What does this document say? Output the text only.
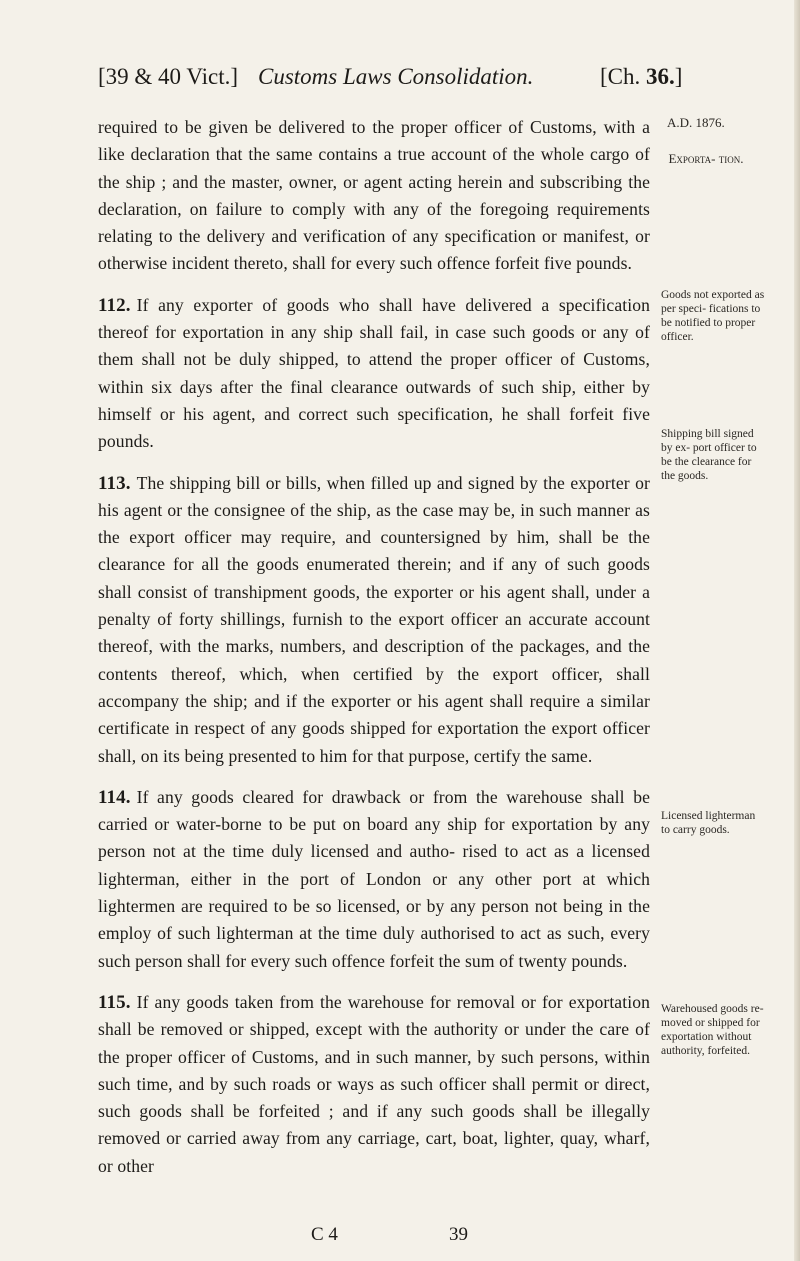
[39 & 40 Vict.] Customs Laws Consolidation.	[Ch. 36.]
A.D. 1876.
Exporta- tion.

required to be given be delivered to the proper officer of Customs, with a like declaration that the same contains a true account of the whole cargo of the ship ; and the master, owner, or agent acting herein and subscribing the declaration, on failure to comply with any of the foregoing requirements relating to the delivery and verification of any specification or manifest, or otherwise incident thereto, shall for every such offence forfeit five pounds.

112. If any exporter of goods who shall have delivered a specification thereof for exportation in any ship shall fail, in case such goods or any of them shall not be duly shipped, to attend the proper officer of Customs, within six days after the final clearance outwards of such ship, either by himself or his agent, and correct such specification, he shall forfeit five pounds.

113. The shipping bill or bills, when filled up and signed by the exporter or his agent or the consignee of the ship, as the case may be, in such manner as the export officer may require, and countersigned by him, shall be the clearance for all the goods enumerated therein; and if any of such goods shall consist of transhipment goods, the exporter or his agent shall, under a penalty of forty shillings, furnish to the export officer an accurate account thereof, with the marks, numbers, and description of the packages, and the contents thereof, which, when certified by the export officer, shall accompany the ship; and if the exporter or his agent shall require a similar certificate in respect of any goods shipped for exportation the export officer shall, on its being presented to him for that purpose, certify the same.

114. If any goods cleared for drawback or from the warehouse shall be carried or water-borne to be put on board any ship for exportation by any person not at the time duly licensed and autho- rised to act as a licensed lighterman, either in the port of London or any other port at which lightermen are required to be so licensed, or by any person not being in the employ of such lighterman at the time duly authorised to act as such, every such person shall for every such offence forfeit the sum of twenty pounds.

115. If any goods taken from the warehouse for removal or for exportation shall be removed or shipped, except with the authority or under the care of the proper officer of Customs, and in such manner, by such persons, within such time, and by such roads or ways as such officer shall permit or direct, such goods shall be forfeited ; and if any such goods shall be illegally removed or carried away from any carriage, cart, boat, lighter, quay, wharf, or other

Goods not exported as per speci- fications to be notified to proper officer.
Shipping bill signed by ex- port officer to be the clearance for the goods.
Licensed lighterman to carry goods.
Warehoused goods re- moved or shipped for exportation without authority, forfeited.
C 4	39
